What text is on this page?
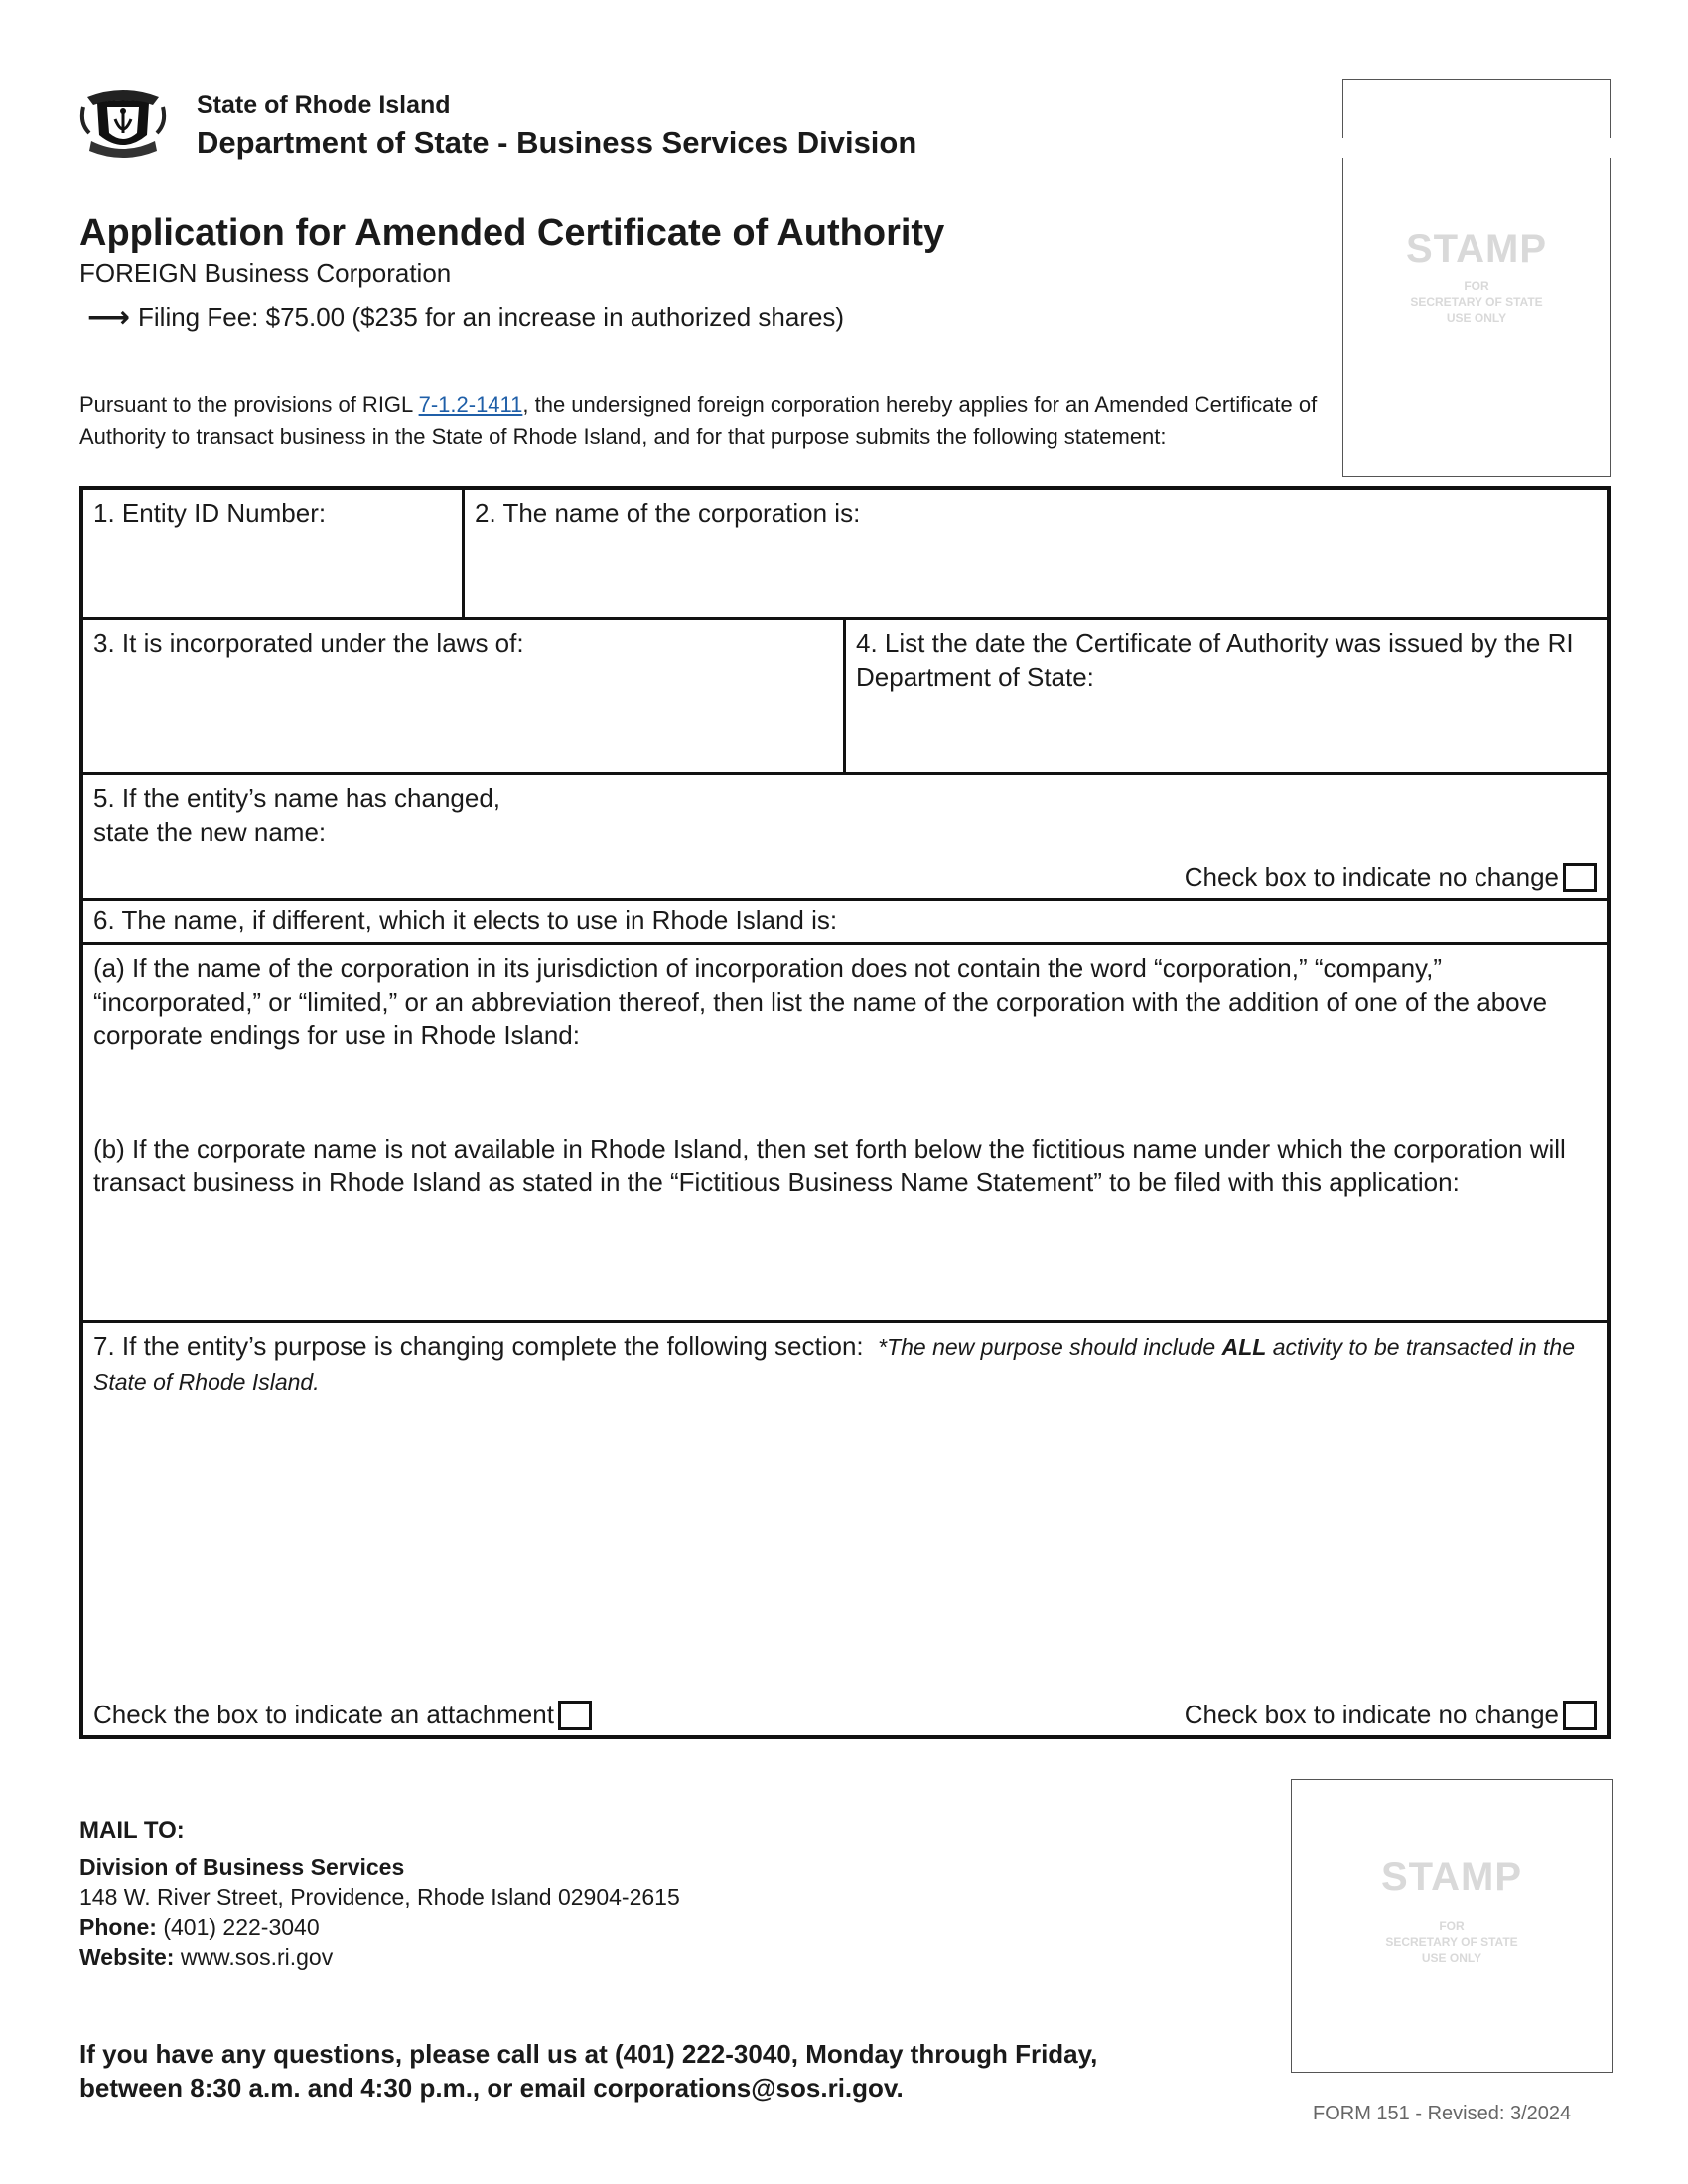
State of Rhode Island
Department of State - Business Services Division
Application for Amended Certificate of Authority
FOREIGN Business Corporation
⟶ Filing Fee: $75.00 ($235 for an increase in authorized shares)
Pursuant to the provisions of RIGL 7-1.2-1411, the undersigned foreign corporation hereby applies for an Amended Certificate of Authority to transact business in the State of Rhode Island, and for that purpose submits the following statement:
STAMP
FOR
SECRETARY OF STATE
USE ONLY
1. Entity ID Number:	2. The name of the corporation is:
3. It is incorporated under the laws of:	4. List the date the Certificate of Authority was issued by the RI Department of State:
5. If the entity’s name has changed,
state the new name:
Check box to indicate no change
6. The name, if different, which it elects to use in Rhode Island is:
(a) If the name of the corporation in its jurisdiction of incorporation does not contain the word “corporation,” “company,” “incorporated,” or “limited,” or an abbreviation thereof, then list the name of the corporation with the addition of one of the above corporate endings for use in Rhode Island:
(b) If the corporate name is not available in Rhode Island, then set forth below the fictitious name under which the corporation will transact business in Rhode Island as stated in the “Fictitious Business Name Statement” to be filed with this application:
7. If the entity’s purpose is changing complete the following section: *The new purpose should include ALL activity to be transacted in the State of Rhode Island.
Check the box to indicate an attachment	Check box to indicate no change
MAIL TO:
Division of Business Services
148 W. River Street, Providence, Rhode Island 02904-2615
Phone: (401) 222-3040
Website: www.sos.ri.gov
STAMP
FOR
SECRETARY OF STATE
USE ONLY
If you have any questions, please call us at (401) 222-3040, Monday through Friday,
between 8:30 a.m. and 4:30 p.m., or email corporations@sos.ri.gov.
FORM 151 - Revised: 3/2024
